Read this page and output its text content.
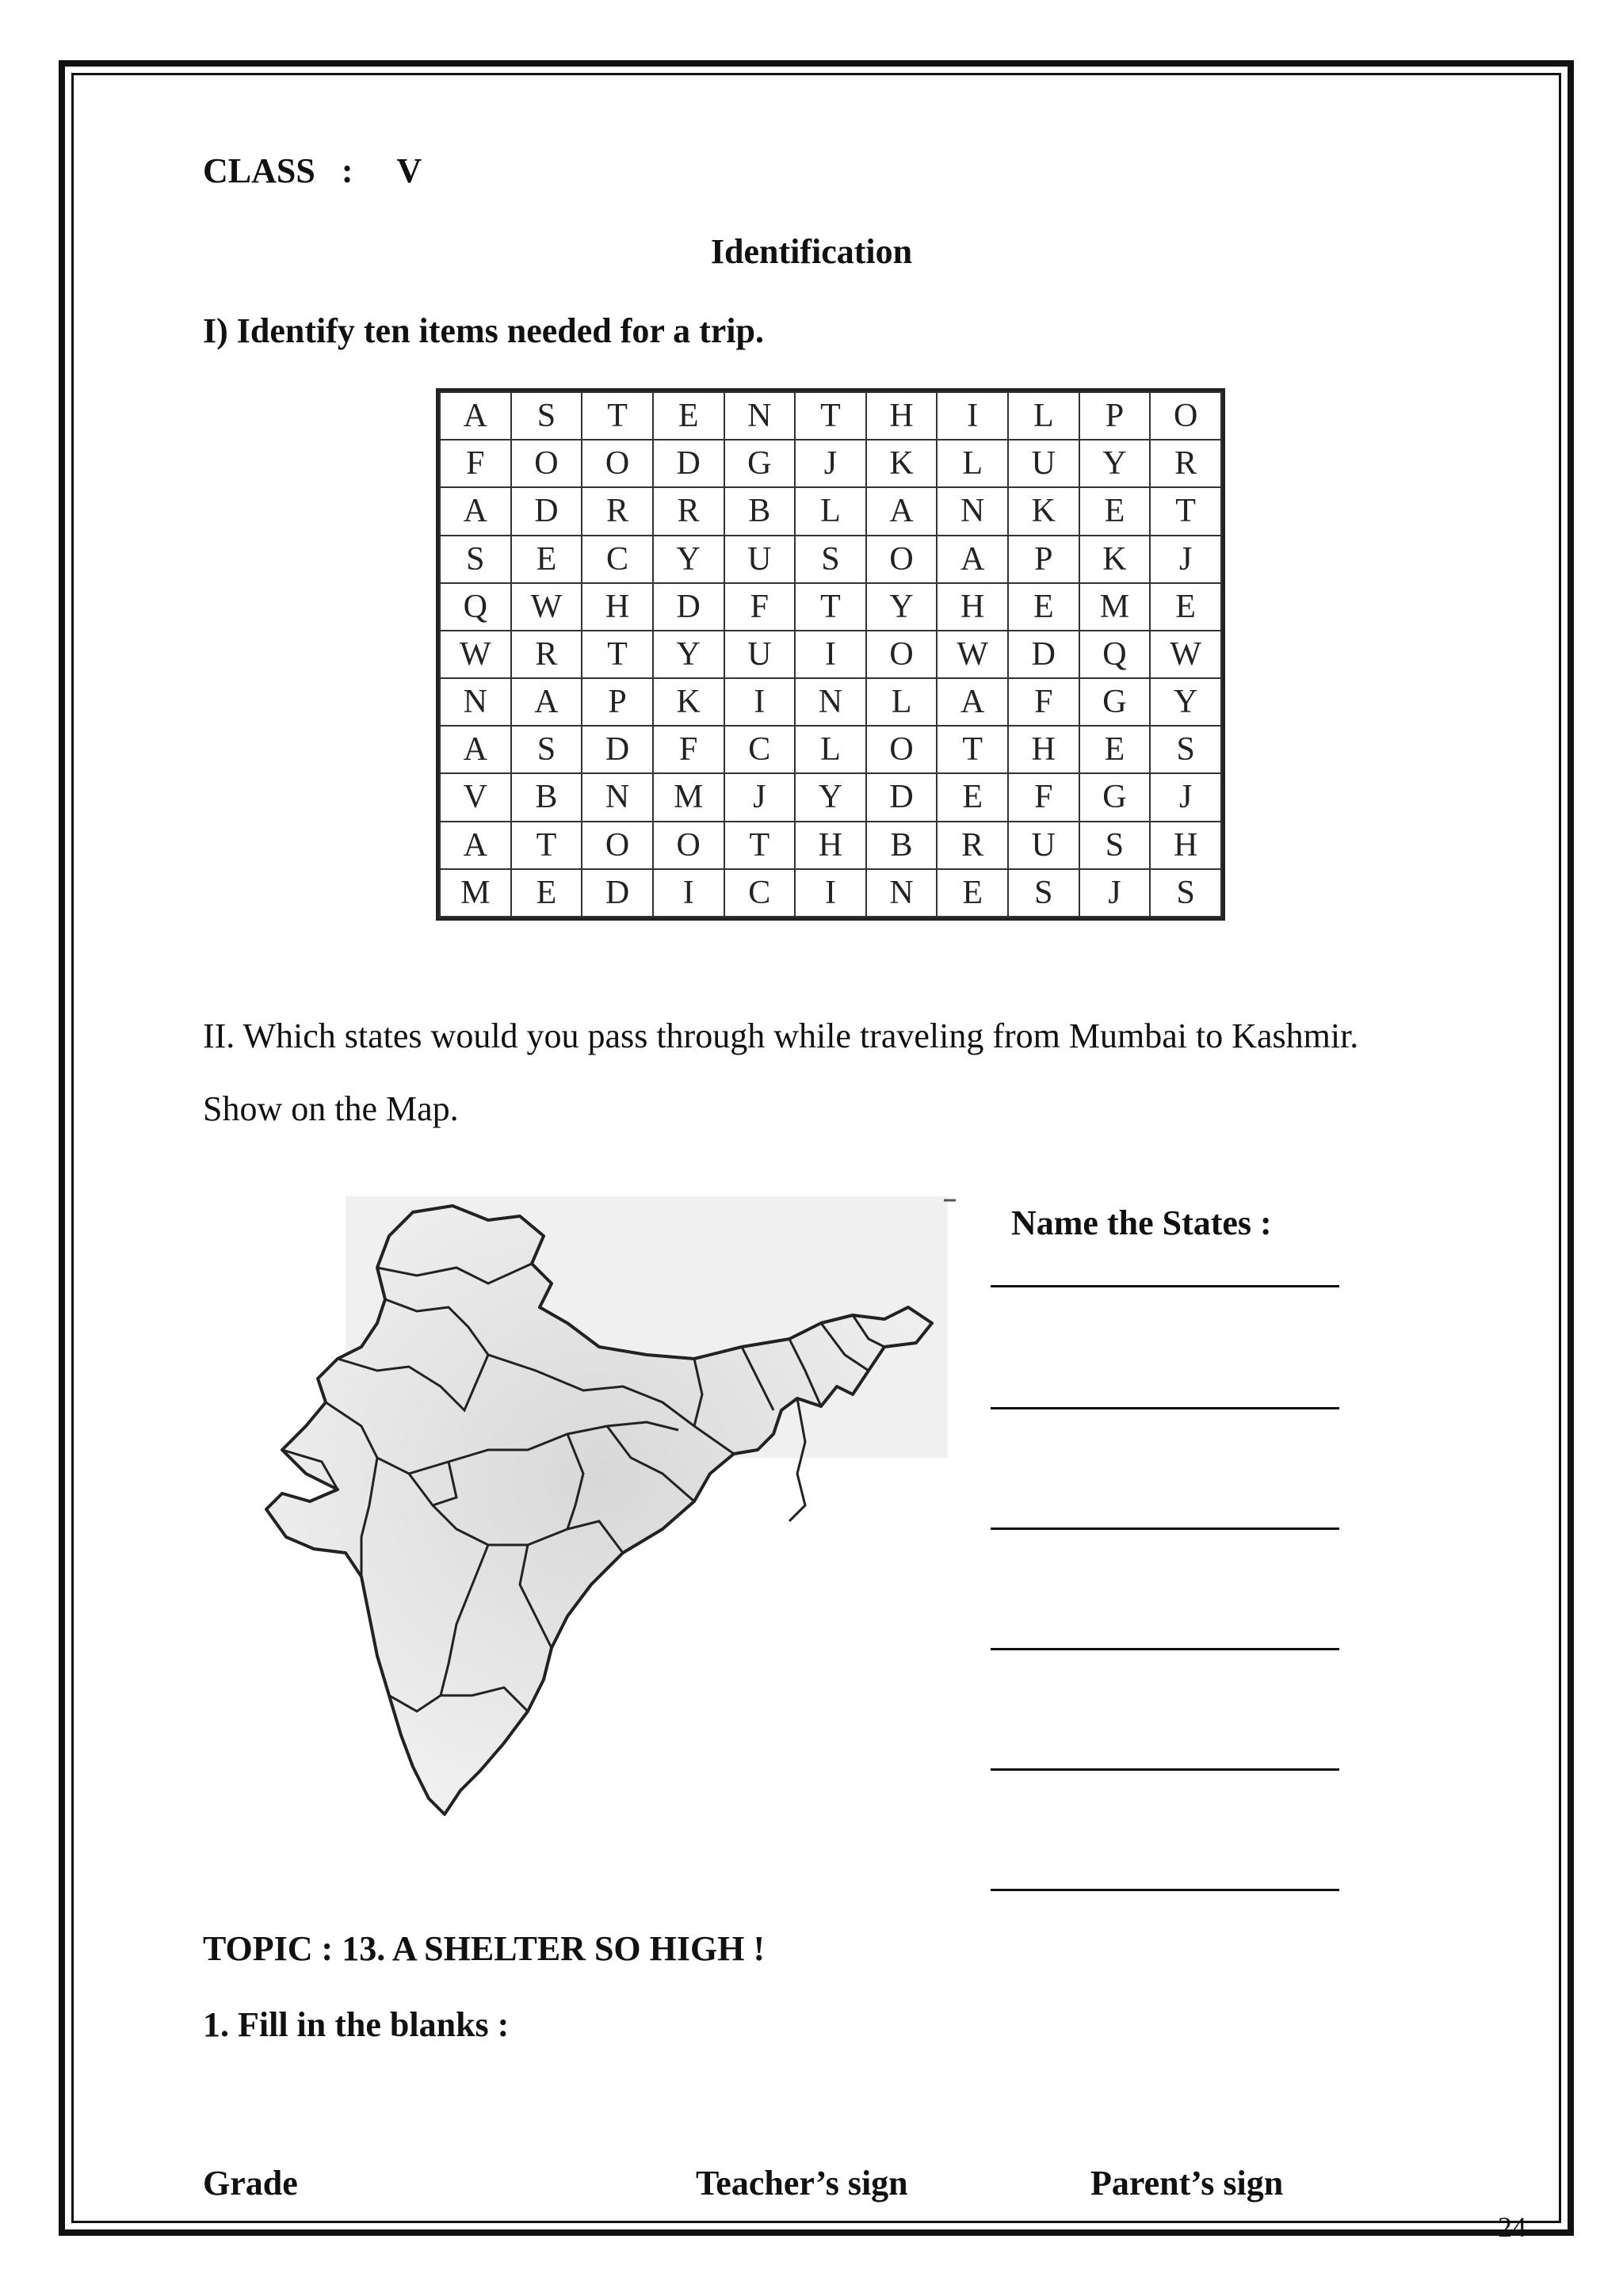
CLASS : V
Identification
I) Identify ten items needed for a trip.
A	S	T	E	N	T	H	I	L	P	O
F	O	O	D	G	J	K	L	U	Y	R
A	D	R	R	B	L	A	N	K	E	T
S	E	C	Y	U	S	O	A	P	K	J
Q	W	H	D	F	T	Y	H	E	M	E
W	R	T	Y	U	I	O	W	D	Q	W
N	A	P	K	I	N	L	A	F	G	Y
A	S	D	F	C	L	O	T	H	E	S
V	B	N	M	J	Y	D	E	F	G	J
A	T	O	O	T	H	B	R	U	S	H
M	E	D	I	C	I	N	E	S	J	S
II. Which states would you pass through while traveling from Mumbai to Kashmir. Show on the Map.
Name the States :
TOPIC : 13. A SHELTER SO HIGH !
1. Fill in the blanks :
Grade	Teacher’s sign	Parent’s sign
24
